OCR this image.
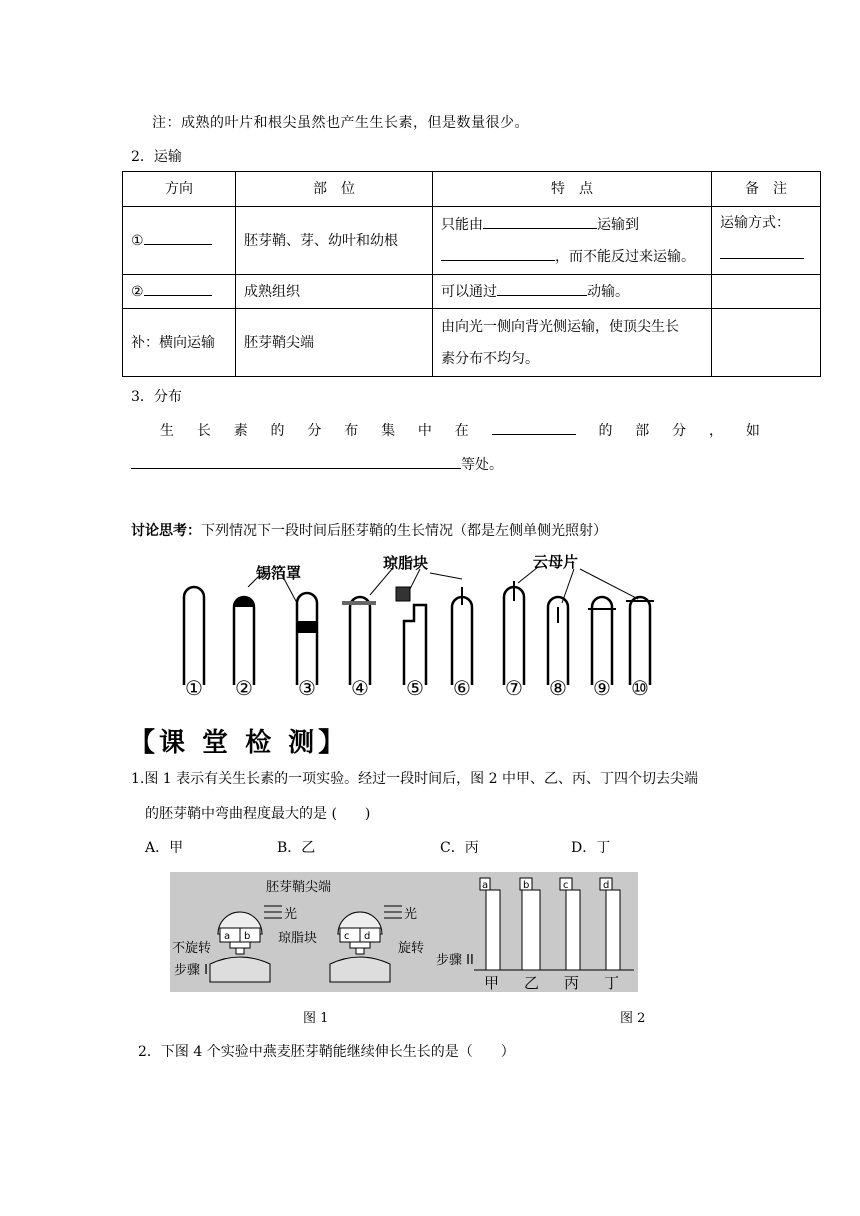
注：成熟的叶片和根尖虽然也产生生长素，但是数量很少。
2．运输
方向	部　位	特　点	备　注
①	胚芽鞘、芽、幼叶和幼根	只能由 运输到
，而不能反过来运输。	运输方式：

②	成熟组织	可以通过 动输。	
补：横向运输	胚芽鞘尖端	由向光一侧向背光侧运输，使顶尖生长
素分布不均匀。	

3．分布
生 长 素 的 分 布 集 中 在	的 部 分 ， 如
等处。
讨论思考：下列情况下一段时间后胚芽鞘的生长情况（都是左侧单侧光照射）
锡箔罩
琼脂块	云母片
① ② ③ ④ ⑤ ⑥ ⑦ ⑧ ⑨ ⑩
【课 堂 检 测】
1.图 1 表示有关生长素的一项实验。经过一段时间后，图 2 中甲、乙、丙、丁四个切去尖端
的胚芽鞘中弯曲程度最大的是 (　　)
A．甲	B．乙	C．丙	D．丁
a b	c d
胚芽鞘尖端
光	光
琼脂块
不旋转	旋转
步骤 I
步骤 II
a	b	c	d
甲 乙 丙 丁
图 1	图 2
2．下图 4 个实验中燕麦胚芽鞘能继续伸长生长的是（　　）
